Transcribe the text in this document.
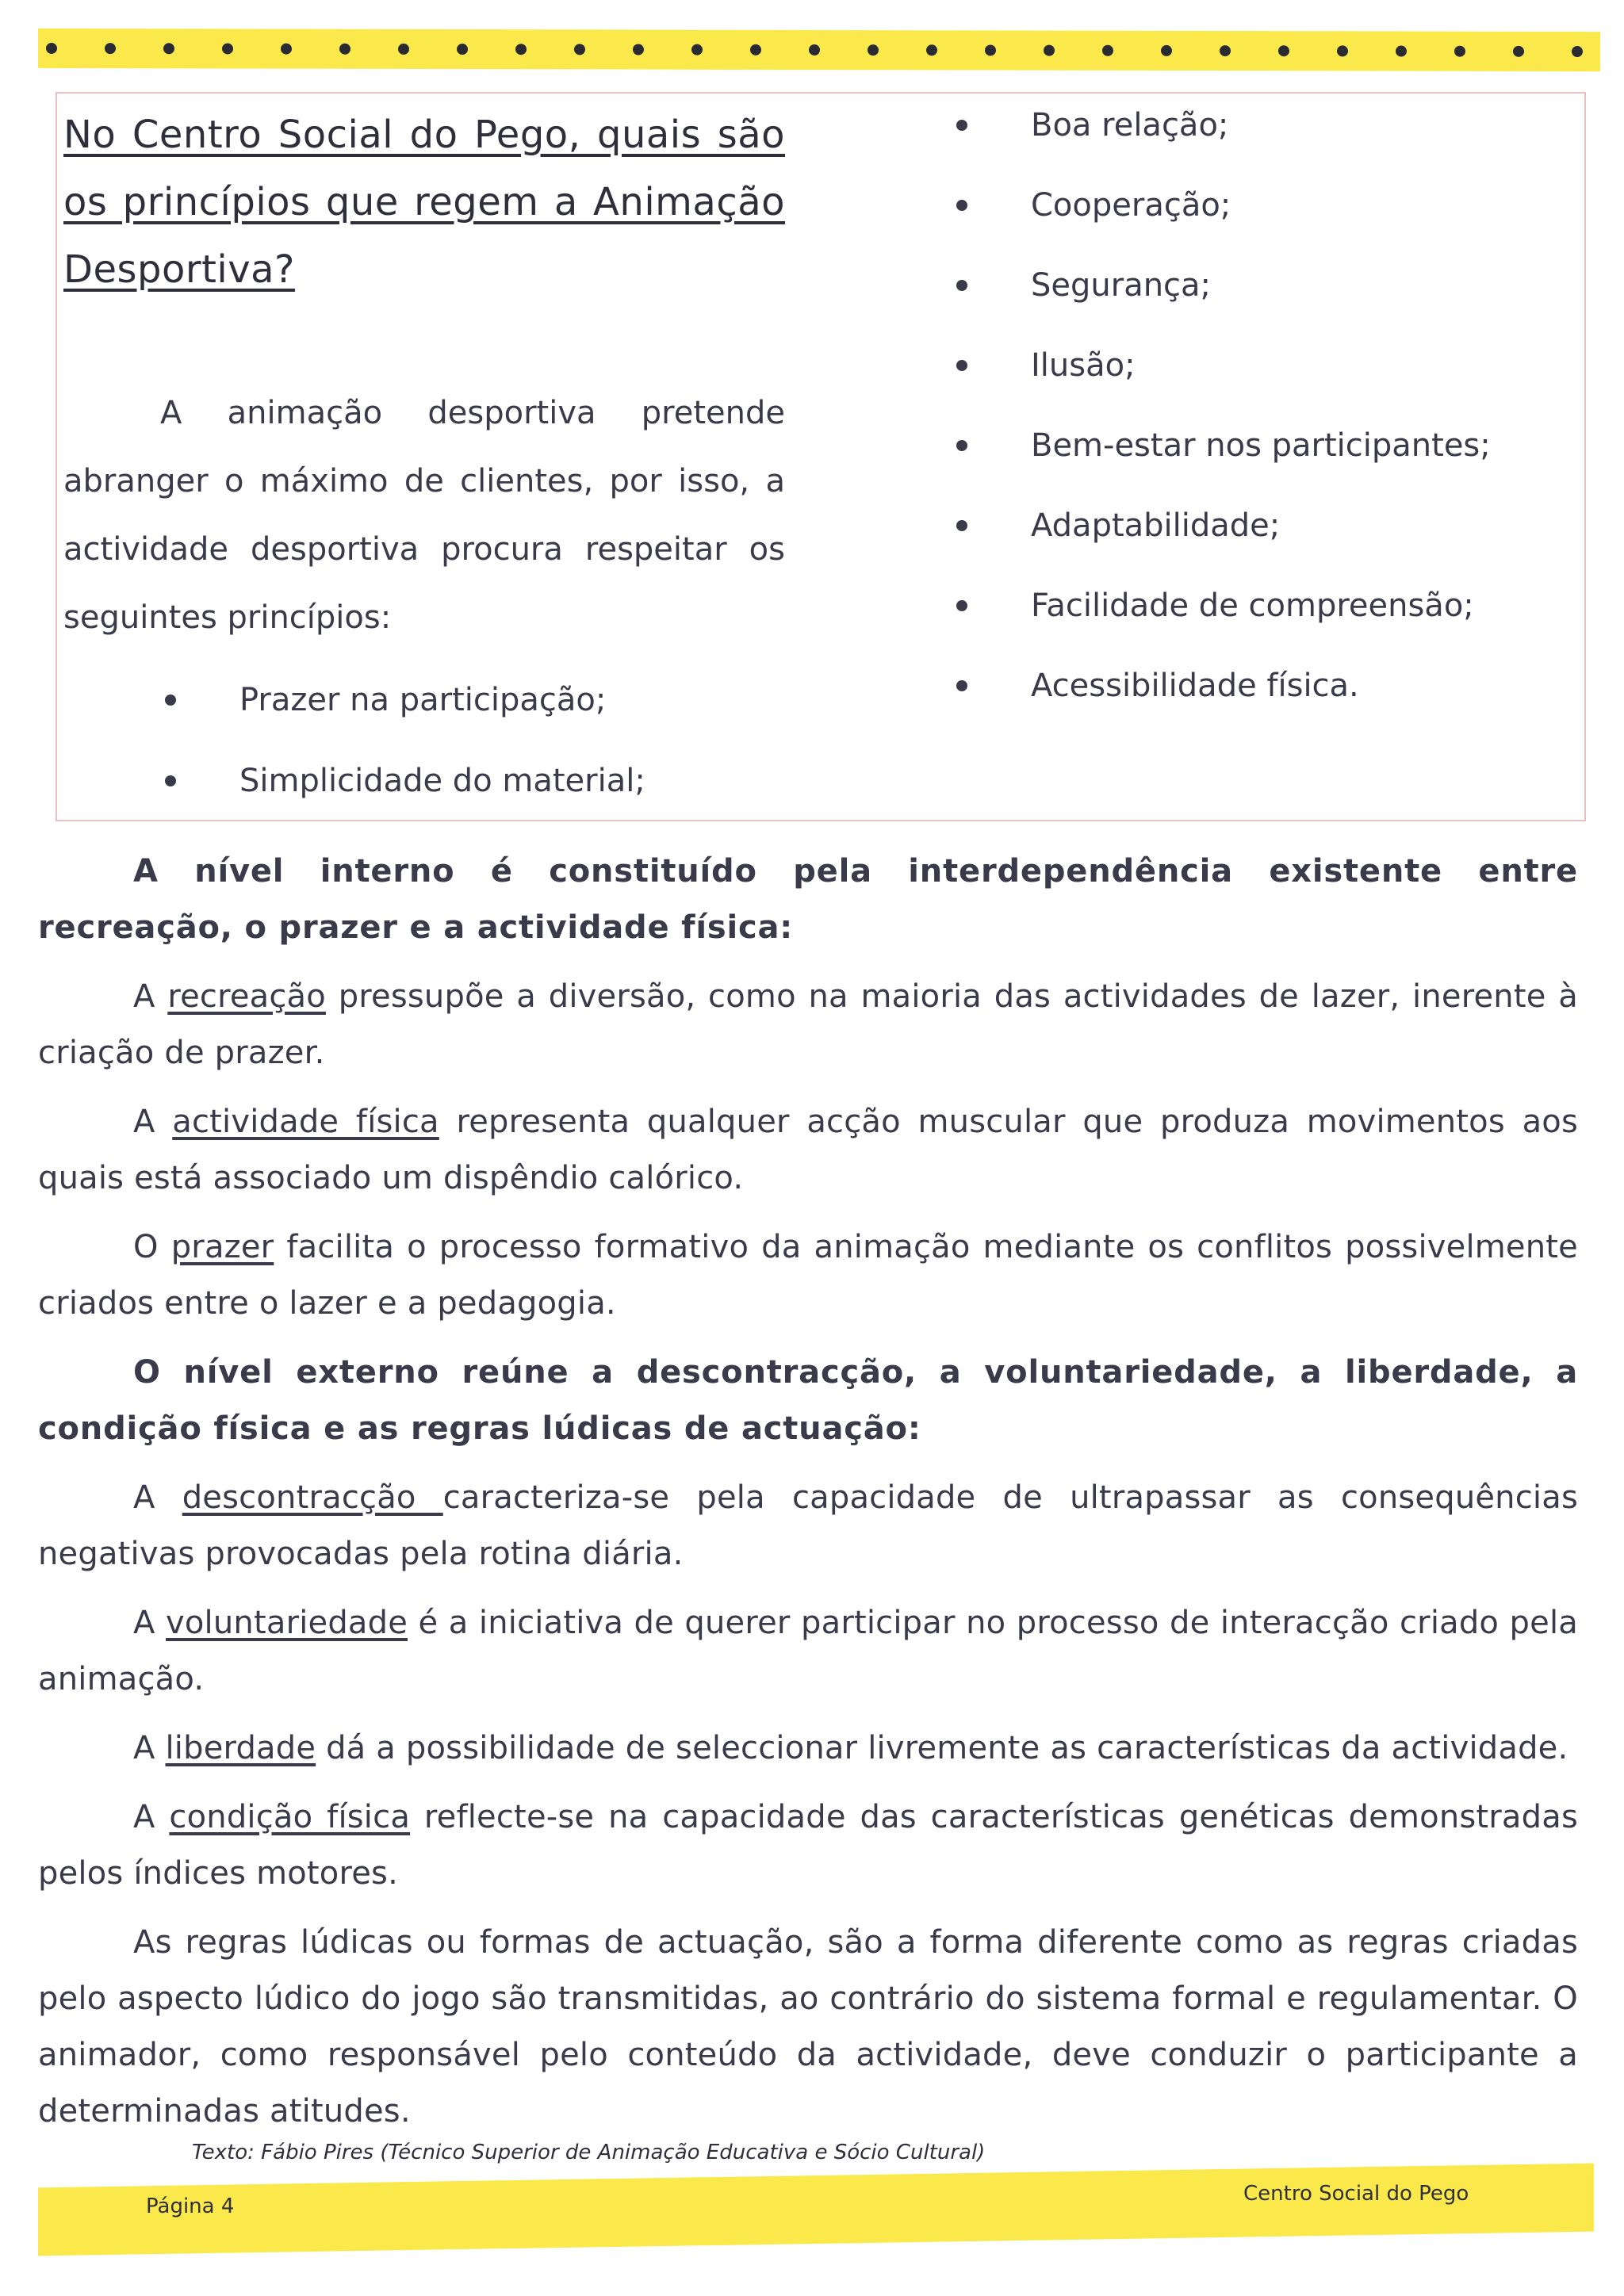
No Centro Social do Pego, quais são os princípios que regem a Animação Desportiva?
A animação desportiva pretende abranger o máximo de clientes, por isso, a actividade desportiva procura respeitar os seguintes princípios:
Prazer na participação;
Simplicidade do material;
Boa relação;
Cooperação;
Segurança;
Ilusão;
Bem-estar nos participantes;
Adaptabilidade;
Facilidade de compreensão;
Acessibilidade física.
A nível interno é constituído pela interdependência existente entre recreação, o prazer e a actividade física:
A recreação pressupõe a diversão, como na maioria das actividades de lazer, inerente à criação de prazer.
A actividade física representa qualquer acção muscular que produza movimentos aos quais está associado um dispêndio calórico.
O prazer facilita o processo formativo da animação mediante os conflitos possivelmente criados entre o lazer e a pedagogia.
O nível externo reúne a descontracção, a voluntariedade, a liberdade, a condição física e as regras lúdicas de actuação:
A descontracção caracteriza-se pela capacidade de ultrapassar as consequências negativas provocadas pela rotina diária.
A voluntariedade é a iniciativa de querer participar no processo de interacção criado pela animação.
A liberdade dá a possibilidade de seleccionar livremente as características da actividade.
A condição física reflecte-se na capacidade das características genéticas demonstradas pelos índices motores.
As regras lúdicas ou formas de actuação, são a forma diferente como as regras criadas pelo aspecto lúdico do jogo são transmitidas, ao contrário do sistema formal e regulamentar. O animador, como responsável pelo conteúdo da actividade, deve conduzir o participante a determinadas atitudes.
Texto: Fábio Pires (Técnico Superior de Animação Educativa e Sócio Cultural)
Página 4
Centro Social do Pego
